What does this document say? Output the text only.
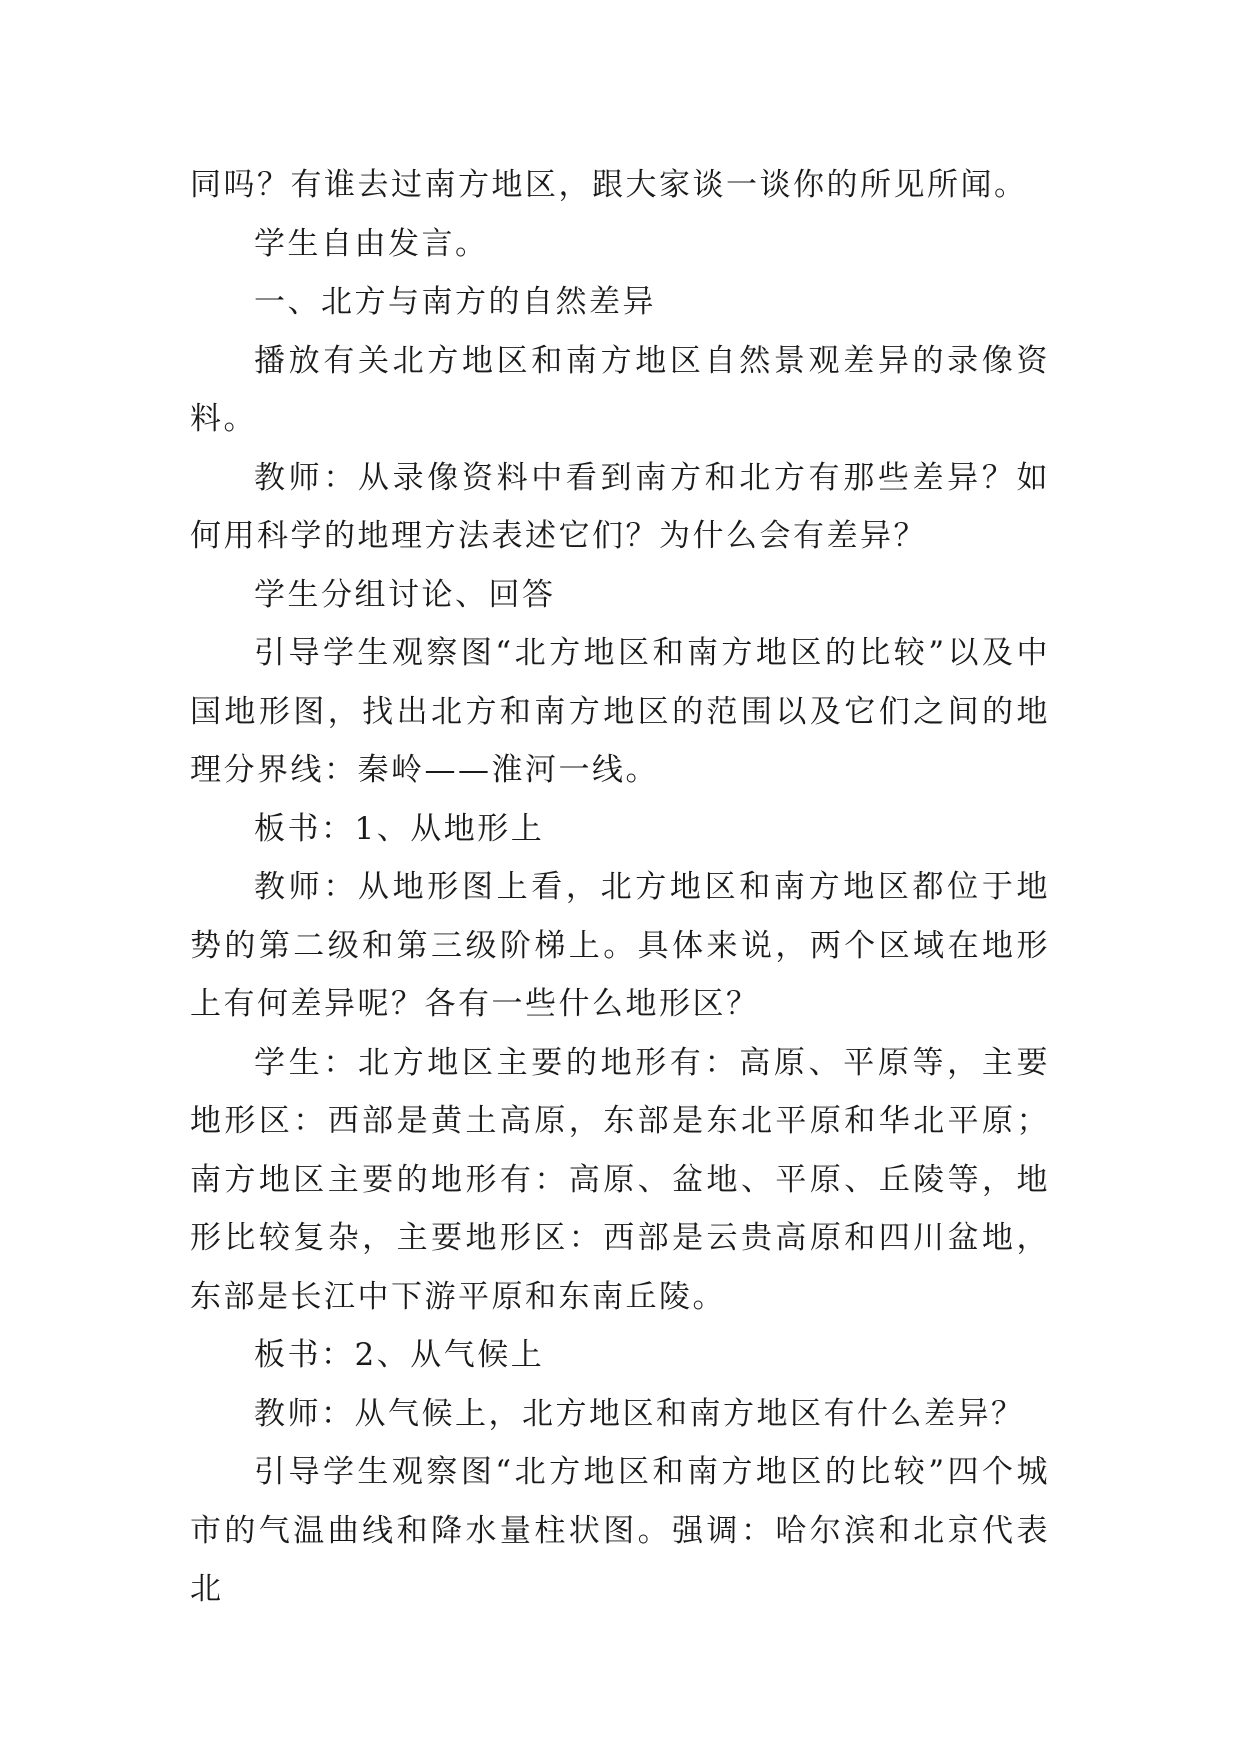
同吗？有谁去过南方地区，跟大家谈一谈你的所见所闻。

学生自由发言。

一、北方与南方的自然差异

播放有关北方地区和南方地区自然景观差异的录像资料。

教师：从录像资料中看到南方和北方有那些差异？如何用科学的地理方法表述它们？为什么会有差异？

学生分组讨论、回答

引导学生观察图“北方地区和南方地区的比较”以及中国地形图，找出北方和南方地区的范围以及它们之间的地理分界线：秦岭——淮河一线。

板书：1、从地形上

教师：从地形图上看，北方地区和南方地区都位于地势的第二级和第三级阶梯上。具体来说，两个区域在地形上有何差异呢？各有一些什么地形区？

学生：北方地区主要的地形有：高原、平原等，主要地形区：西部是黄土高原，东部是东北平原和华北平原；南方地区主要的地形有：高原、盆地、平原、丘陵等，地形比较复杂，主要地形区：西部是云贵高原和四川盆地，东部是长江中下游平原和东南丘陵。

板书：2、从气候上

教师：从气候上，北方地区和南方地区有什么差异？

引导学生观察图“北方地区和南方地区的比较”四个城市的气温曲线和降水量柱状图。强调：哈尔滨和北京代表北
